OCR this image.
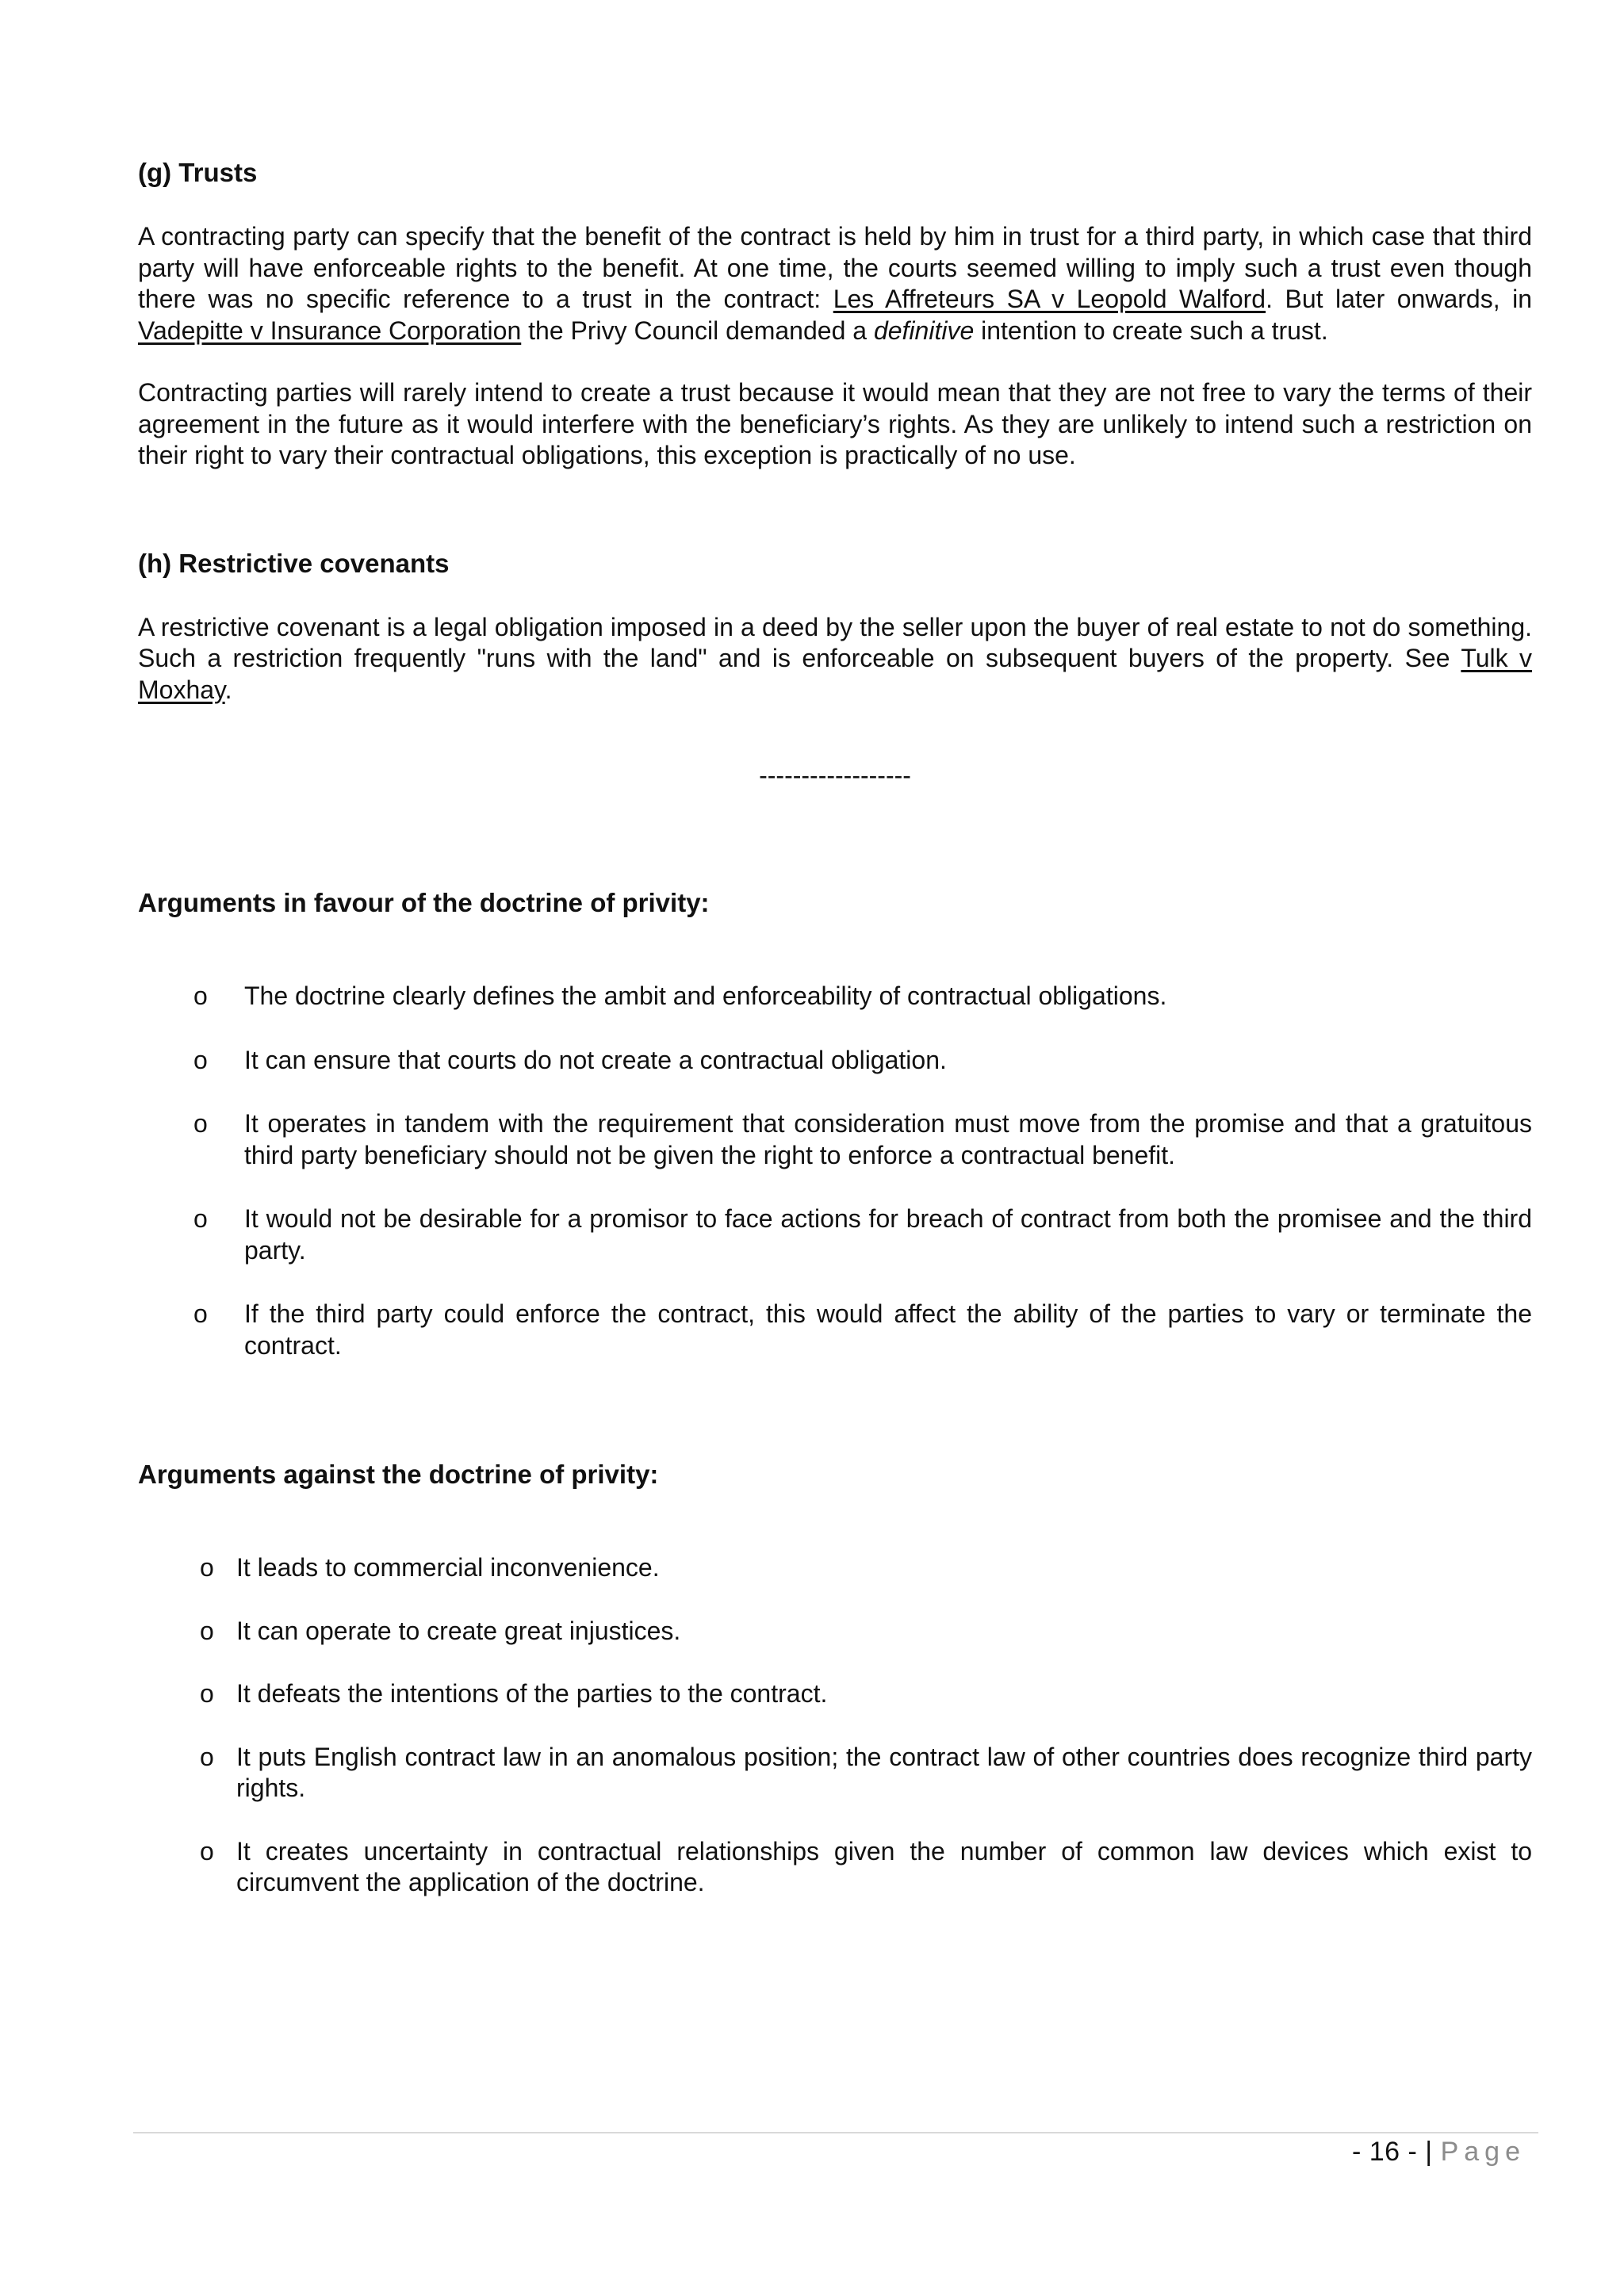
(g) Trusts

A contracting party can specify that the benefit of the contract is held by him in trust for a third party, in which case that third party will have enforceable rights to the benefit. At one time, the courts seemed willing to imply such a trust even though there was no specific reference to a trust in the contract: Les Affreteurs SA v Leopold Walford. But later onwards, in Vadepitte v Insurance Corporation the Privy Council demanded a definitive intention to create such a trust.

Contracting parties will rarely intend to create a trust because it would mean that they are not free to vary the terms of their agreement in the future as it would interfere with the beneficiary’s rights. As they are unlikely to intend such a restriction on their right to vary their contractual obligations, this exception is practically of no use.

(h) Restrictive covenants

A restrictive covenant is a legal obligation imposed in a deed by the seller upon the buyer of real estate to not do something. Such a restriction frequently "runs with the land" and is enforceable on subsequent buyers of the property. See Tulk v Moxhay.

------------------

Arguments in favour of the doctrine of privity:
o The doctrine clearly defines the ambit and enforceability of contractual obligations.
o It can ensure that courts do not create a contractual obligation.
o It operates in tandem with the requirement that consideration must move from the promise and that a gratuitous third party beneficiary should not be given the right to enforce a contractual benefit.
o It would not be desirable for a promisor to face actions for breach of contract from both the promisee and the third party.
o If the third party could enforce the contract, this would affect the ability of the parties to vary or terminate the contract.
Arguments against the doctrine of privity:
o It leads to commercial inconvenience.
o It can operate to create great injustices.
o It defeats the intentions of the parties to the contract.
o It puts English contract law in an anomalous position; the contract law of other countries does recognize third party rights.
o It creates uncertainty in contractual relationships given the number of common law devices which exist to circumvent the application of the doctrine.
- 16 - | Page
